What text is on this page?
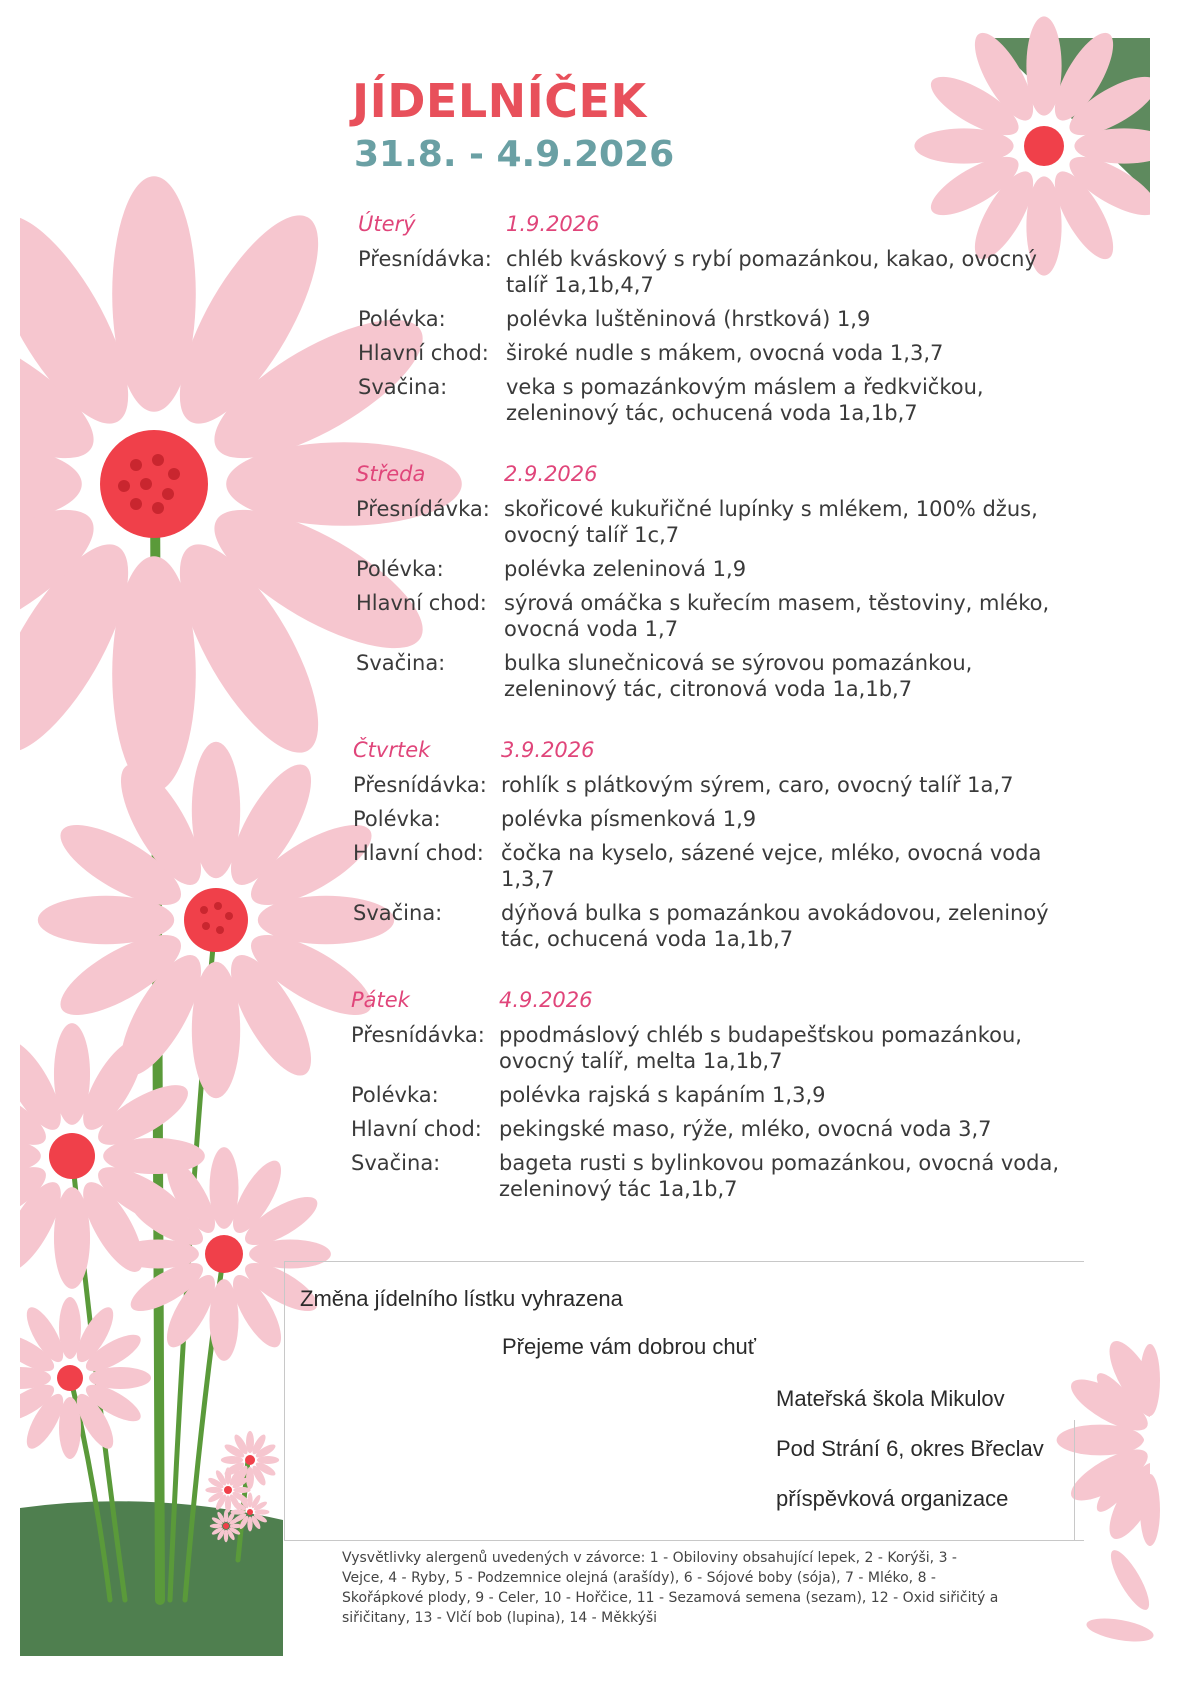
JÍDELNÍČEK
31.8. - 4.9.2026
Úterý	1.9.2026
Přesnídávka: chléb kváskový s rybí pomazánkou, kakao, ovocný talíř 1a,1b,4,7
Polévka:	polévka luštěninová (hrstková) 1,9
Hlavní chod: široké nudle s mákem, ovocná voda 1,3,7
Svačina:	veka s pomazánkovým máslem a ředkvičkou, zeleninový tác, ochucená voda 1a,1b,7
Středa	2.9.2026
Přesnídávka: skořicové kukuřičné lupínky s mlékem, 100% džus, ovocný talíř 1c,7
Polévka:	polévka zeleninová 1,9
Hlavní chod: sýrová omáčka s kuřecím masem, těstoviny, mléko, ovocná voda 1,7
Svačina:	bulka slunečnicová se sýrovou pomazánkou, zeleninový tác, citronová voda 1a,1b,7
Čtvrtek	3.9.2026
Přesnídávka: rohlík s plátkovým sýrem, caro, ovocný talíř 1a,7
Polévka:	polévka písmenková 1,9
Hlavní chod: čočka na kyselo, sázené vejce, mléko, ovocná voda 1,3,7
Svačina:	dýňová bulka s pomazánkou avokádovou, zeleninoý tác, ochucená voda 1a,1b,7
Pátek	4.9.2026
Přesnídávka: ppodmáslový chléb s budapešťskou pomazánkou, ovocný talíř, melta 1a,1b,7
Polévka:	polévka rajská s kapáním 1,3,9
Hlavní chod: pekingské maso, rýže, mléko, ovocná voda 3,7
Svačina:	bageta rusti s bylinkovou pomazánkou, ovocná voda, zeleninový tác 1a,1b,7
Změna jídelního lístku vyhrazena
Přejeme vám dobrou chuť
Mateřská škola Mikulov
Pod Strání 6, okres Břeclav
příspěvková organizace
Vysvětlivky alergenů uvedených v závorce: 1 - Obiloviny obsahující lepek, 2 - Korýši, 3 - Vejce, 4 - Ryby, 5 - Podzemnice olejná (arašídy), 6 - Sójové boby (sója), 7 - Mléko, 8 - Skořápkové plody, 9 - Celer, 10 - Hořčice, 11 - Sezamová semena (sezam), 12 - Oxid siřičitý a siřičitany, 13 - Vlčí bob (lupina), 14 - Měkkýši
